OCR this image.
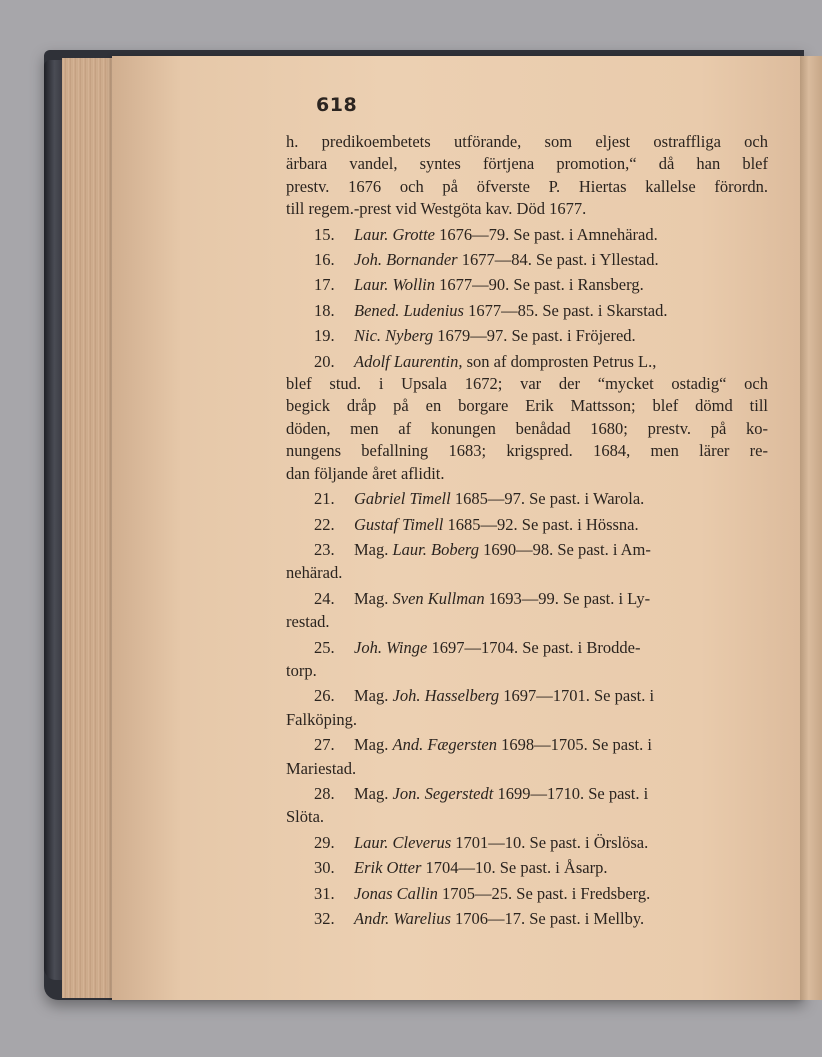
618
h. predikoembetets utförande, som eljest ostraffliga och
ärbara vandel, syntes förtjena promotion,“ då han blef
prestv. 1676 och på öfverste P. Hiertas kallelse förordn.
till regem.-prest vid Westgöta kav. Död 1677.
15. Laur. Grotte 1676—79. Se past. i Amnehärad.
16. Joh. Bornander 1677—84. Se past. i Yllestad.
17. Laur. Wollin 1677—90. Se past. i Ransberg.
18. Bened. Ludenius 1677—85. Se past. i Skarstad.
19. Nic. Nyberg 1679—97. Se past. i Fröjered.
20. Adolf Laurentin, son af domprosten Petrus L.,
blef stud. i Upsala 1672; var der “mycket ostadig“ och
begick dråp på en borgare Erik Mattsson; blef dömd till
döden, men af konungen benådad 1680; prestv. på ko-
nungens befallning 1683; krigspred. 1684, men lärer re-
dan följande året aflidit.
21. Gabriel Timell 1685—97. Se past. i Warola.
22. Gustaf Timell 1685—92. Se past. i Hössna.
23. Mag. Laur. Boberg 1690—98. Se past. i Am-
nehärad.
24. Mag. Sven Kullman 1693—99. Se past. i Ly-
restad.
25. Joh. Winge 1697—1704. Se past. i Brodde-
torp.
26. Mag. Joh. Hasselberg 1697—1701. Se past. i
Falköping.
27. Mag. And. Fægersten 1698—1705. Se past. i
Mariestad.
28. Mag. Jon. Segerstedt 1699—1710. Se past. i
Slöta.
29. Laur. Cleverus 1701—10. Se past. i Örslösa.
30. Erik Otter 1704—10. Se past. i Åsarp.
31. Jonas Callin 1705—25. Se past. i Fredsberg.
32. Andr. Warelius 1706—17. Se past. i Mellby.
